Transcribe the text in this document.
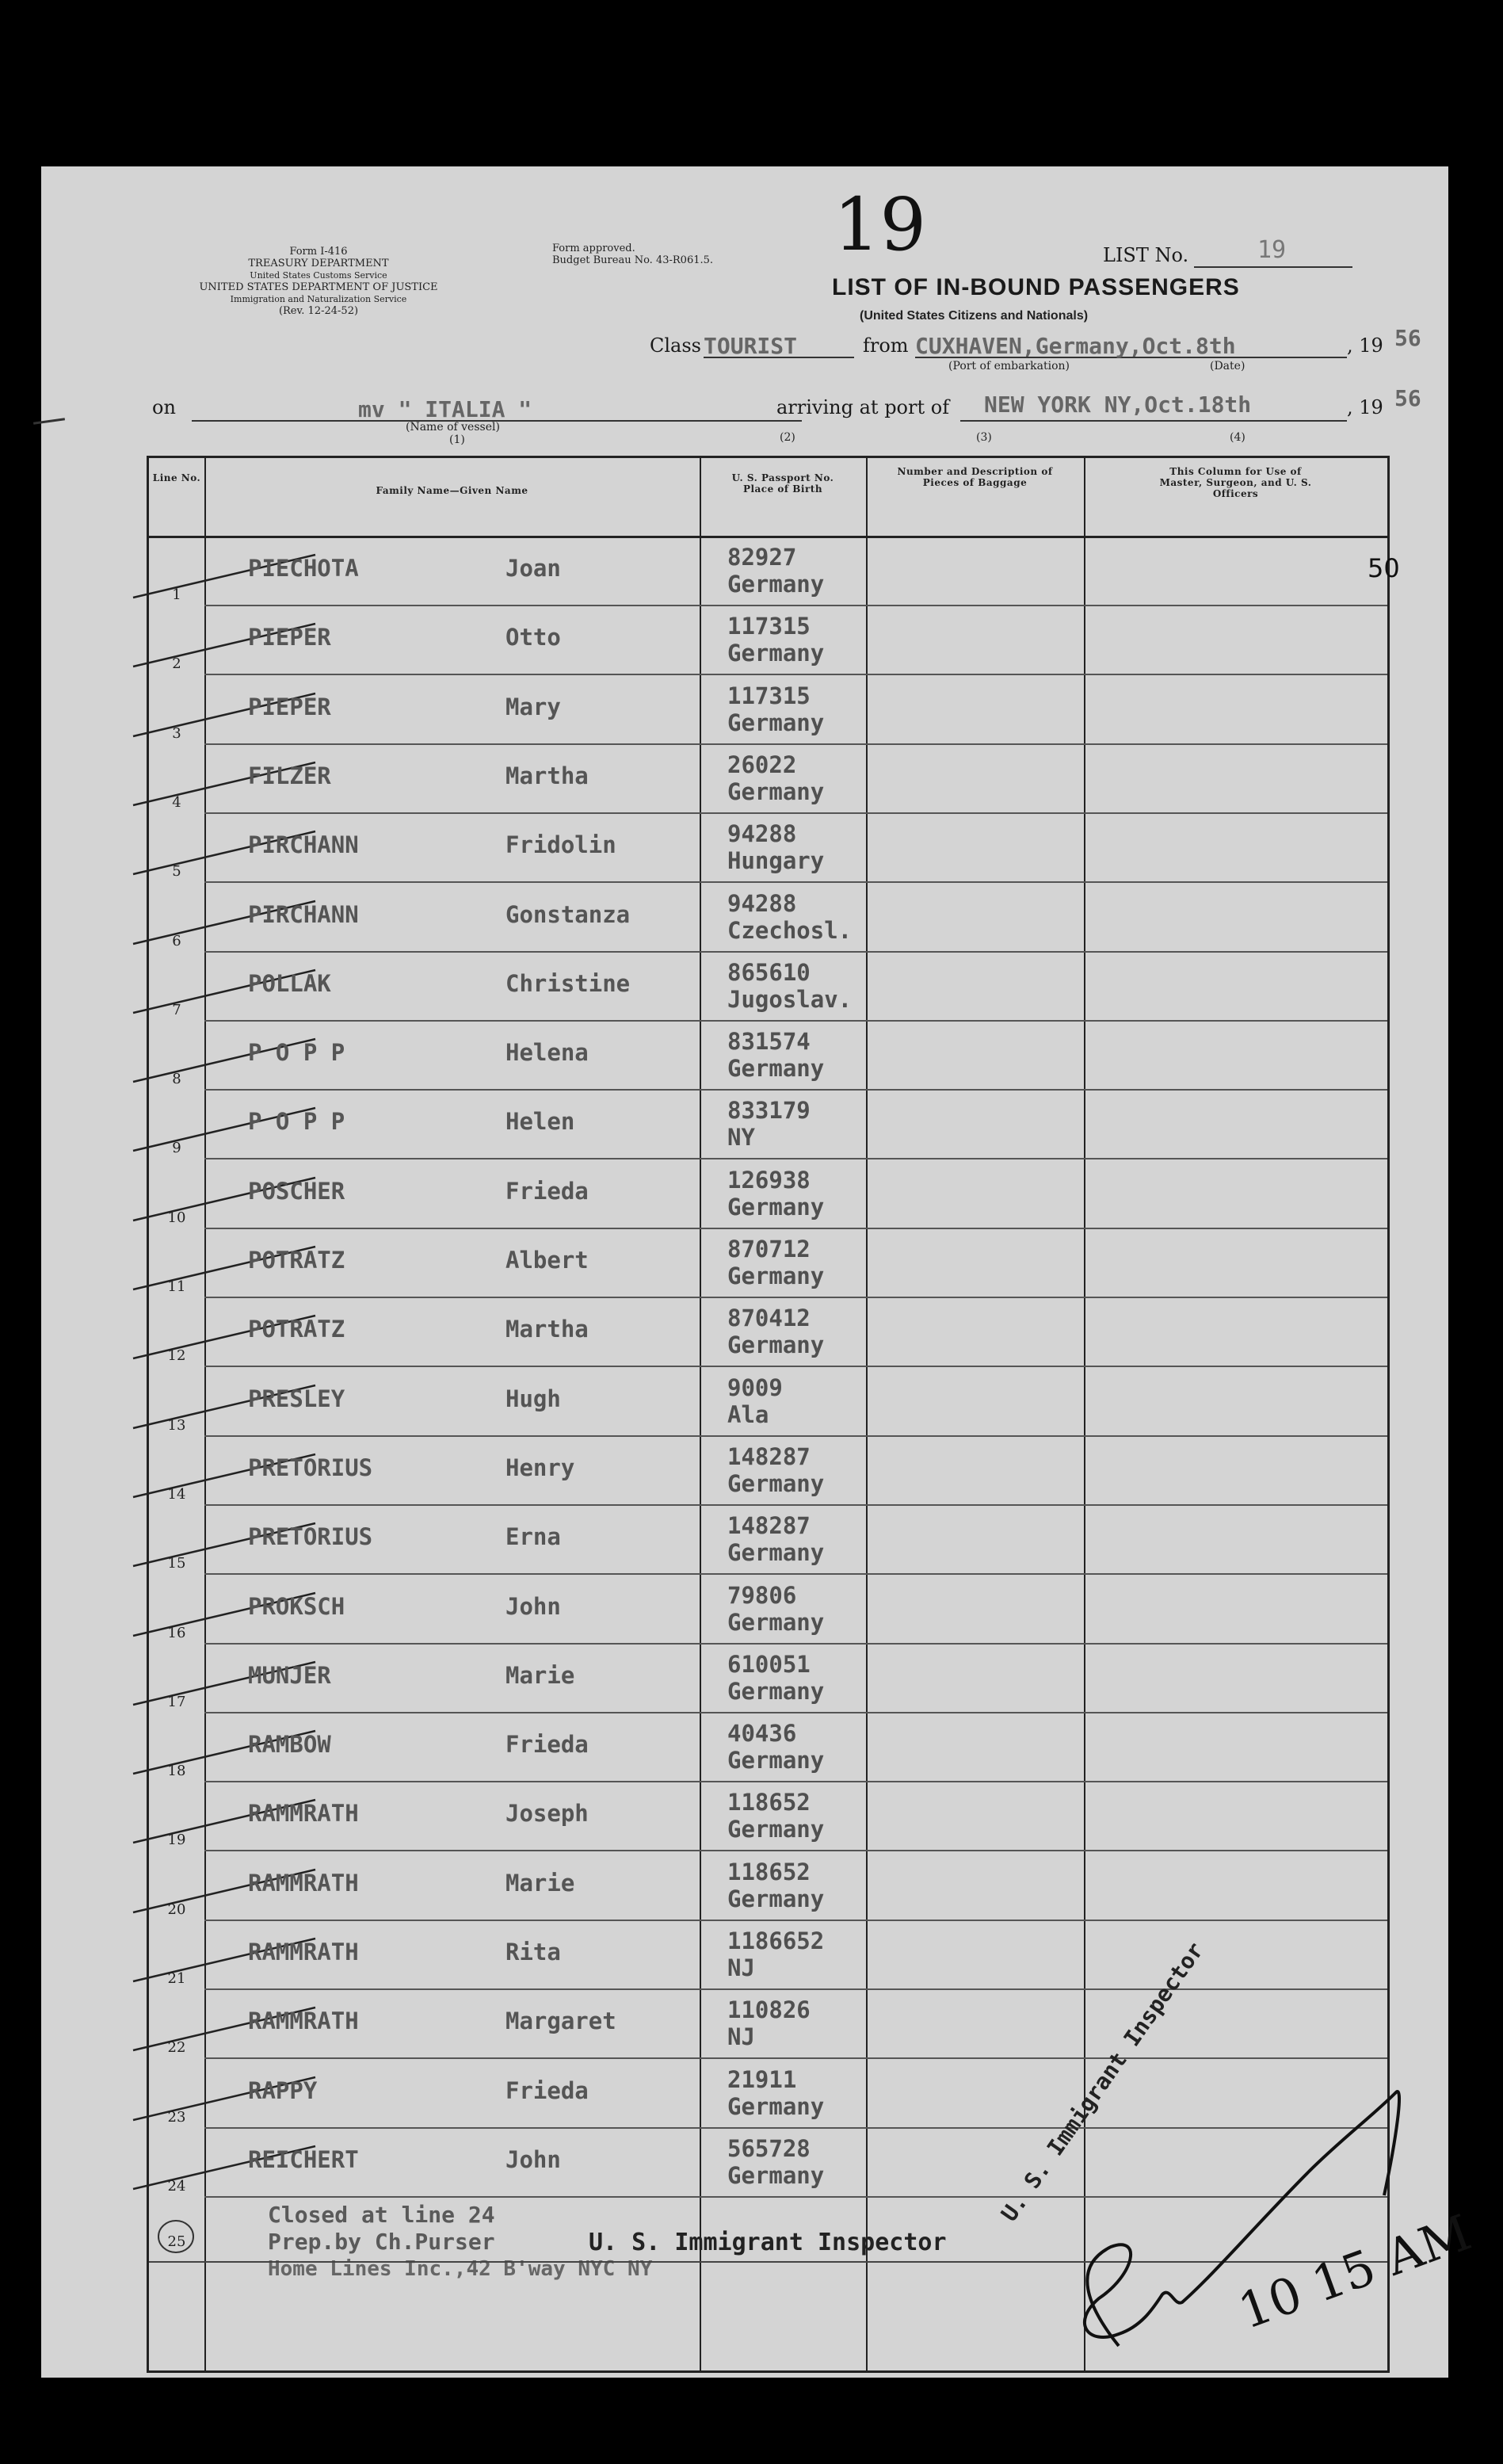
Form I-416
TREASURY DEPARTMENT
United States Customs Service
UNITED STATES DEPARTMENT OF JUSTICE
Immigration and Naturalization Service
(Rev. 12-24-52)
Form approved.
Budget Bureau No. 43-R061.5. 19	LIST No.	19
LIST OF IN-BOUND PASSENGERS
(United States Citizens and Nationals)
Class TOURIST	from CUXHAVEN,Germany,Oct.8th	, 19 56
(Port of embarkation)	(Date)
on	mv " ITALIA "
(Name of vessel)
(1)
arriving at port of NEW YORK NY,Oct.18th	, 19 56
(2)	(3)	(4)
Line No.
Family Name—Given Name
U. S. Passport No. Place of Birth
Number and Description of Pieces of Baggage
This Column for Use of Master, Surgeon, and U. S. Officers
50
1
PIECHOTA	Joan	82927
Germany
2
PIEPER	Otto	117315
Germany
3
PIEPER	Mary	117315
Germany
4
FILZER	Martha	26022
Germany
5
PIRCHANN	Fridolin	94288
Hungary
6
PIRCHANN	Gonstanza	94288
Czechosl.
7
POLLAK	Christine	865610
Jugoslav.
8
P O P P	Helena	831574
Germany
9
P O P P	Helen	833179
NY
10
POSCHER	Frieda	126938
Germany
11
POTRATZ	Albert	870712
Germany
12
POTRATZ	Martha	870412
Germany
13
PRESLEY	Hugh	9009
Ala
14
PRETORIUS	Henry	148287
Germany
15
PRETORIUS	Erna	148287
Germany
16
PROKSCH	John	79806
Germany
17
MUNJER	Marie	610051
Germany
18
RAMBOW	Frieda	40436
Germany
19
RAMMRATH	Joseph	118652
Germany
20
RAMMRATH	Marie	118652
Germany
21
RAMMRATH	Rita	1186652
NJ
22
RAMMRATH	Margaret	110826
NJ
23
RAPPY	Frieda	21911
Germany
24
REICHERT	John	565728
Germany
25
Closed at line 24
Prep.by Ch.Purser	U. S. Immigrant Inspector
Home Lines Inc.,42 B'way NYC NY
U. S. Immigrant Inspector
10 15 AM
